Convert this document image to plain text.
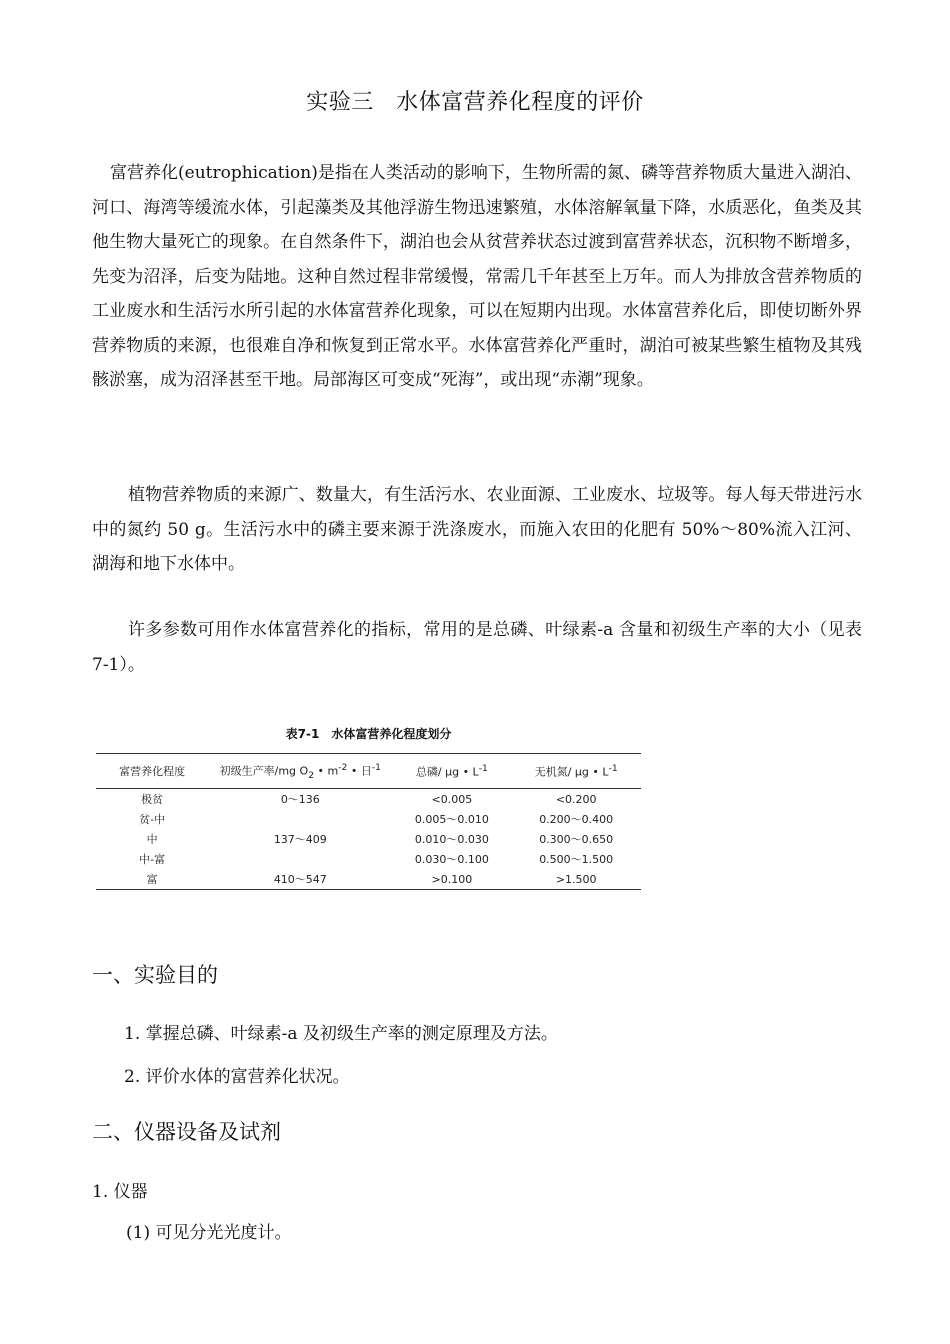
实验三　水体富营养化程度的评价

富营养化(eutrophication)是指在人类活动的影响下，生物所需的氮、磷等营养物质大量进入湖泊、河口、海湾等缓流水体，引起藻类及其他浮游生物迅速繁殖，水体溶解氧量下降，水质恶化，鱼类及其他生物大量死亡的现象。在自然条件下，湖泊也会从贫营养状态过渡到富营养状态，沉积物不断增多，先变为沼泽，后变为陆地。这种自然过程非常缓慢，常需几千年甚至上万年。而人为排放含营养物质的工业废水和生活污水所引起的水体富营养化现象，可以在短期内出现。水体富营养化后，即使切断外界营养物质的来源，也很难自净和恢复到正常水平。水体富营养化严重时，湖泊可被某些繁生植物及其残骸淤塞，成为沼泽甚至干地。局部海区可变成“死海”，或出现“赤潮”现象。

植物营养物质的来源广、数量大，有生活污水、农业面源、工业废水、垃圾等。每人每天带进污水中的氮约 50 g。生活污水中的磷主要来源于洗涤废水，而施入农田的化肥有 50%～80%流入江河、湖海和地下水体中。

许多参数可用作水体富营养化的指标，常用的是总磷、叶绿素-a 含量和初级生产率的大小（见表 7-1）。

表7-1　水体富营养化程度划分
富营养化程度	初级生产率/mg $O_2$ • $m^{-2}$ • 日$^{-1}$	总磷/ μg • $L^{-1}$	无机氮/ μg • $L^{-1}$
极贫	0～136	<0.005	<0.200
贫-中		0.005～0.010	0.200～0.400
中	137～409	0.010～0.030	0.300～0.650
中-富		0.030～0.100	0.500～1.500
富	410～547	>0.100	>1.500
一、实验目的
1. 掌握总磷、叶绿素-a 及初级生产率的测定原理及方法。
2. 评价水体的富营养化状况。
二、仪器设备及试剂
1. 仪器
(1) 可见分光光度计。
